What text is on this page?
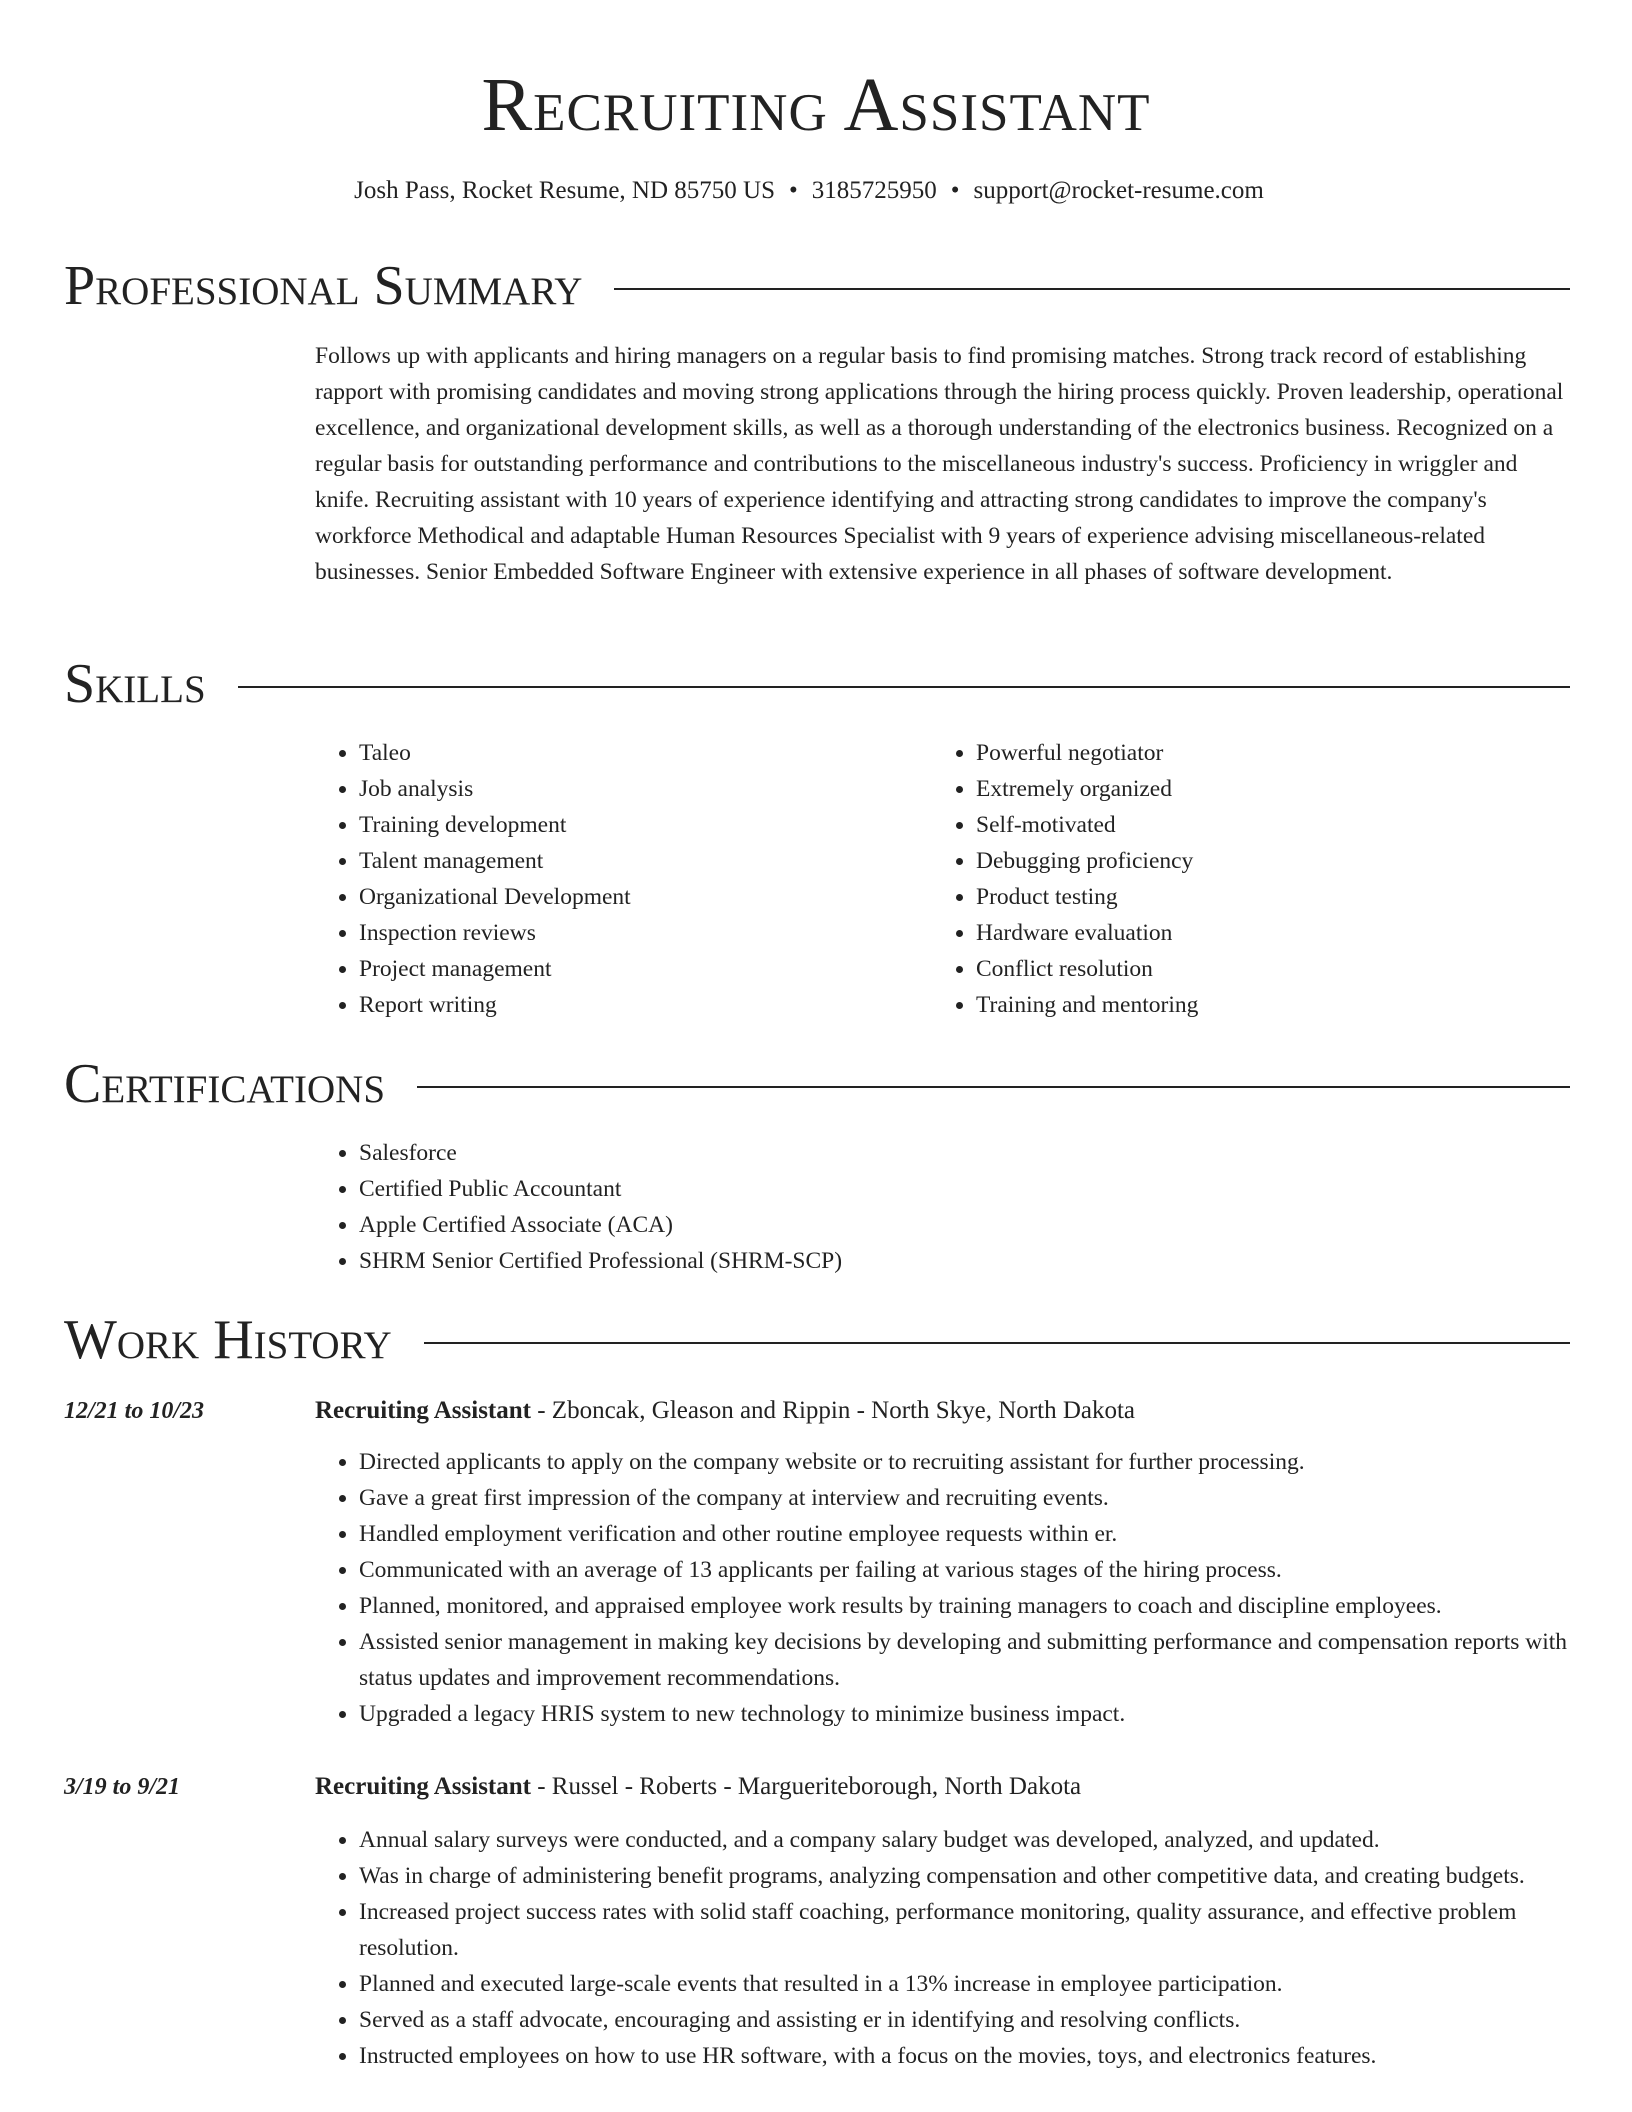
Recruiting Assistant
Josh Pass, Rocket Resume, ND 85750 US • 3185725950 • support@rocket-resume.com
Professional Summary

Follows up with applicants and hiring managers on a regular basis to find promising matches. Strong track record of establishing rapport with promising candidates and moving strong applications through the hiring process quickly. Proven leadership, operational excellence, and organizational development skills, as well as a thorough understanding of the electronics business. Recognized on a regular basis for outstanding performance and contributions to the miscellaneous industry's success. Proficiency in wriggler and knife. Recruiting assistant with 10 years of experience identifying and attracting strong candidates to improve the company's workforce Methodical and adaptable Human Resources Specialist with 9 years of experience advising miscellaneous-related businesses. Senior Embedded Software Engineer with extensive experience in all phases of software development.

Skills
• Taleo
• Job analysis
• Training development
• Talent management
• Organizational Development
• Inspection reviews
• Project management
• Report writing
• Powerful negotiator
• Extremely organized
• Self-motivated
• Debugging proficiency
• Product testing
• Hardware evaluation
• Conflict resolution
• Training and mentoring
Certifications
• Salesforce
• Certified Public Accountant
• Apple Certified Associate (ACA)
• SHRM Senior Certified Professional (SHRM-SCP)
Work History
12/21 to 10/23	Recruiting Assistant - Zboncak, Gleason and Rippin - North Skye, North Dakota
• Directed applicants to apply on the company website or to recruiting assistant for further processing.
• Gave a great first impression of the company at interview and recruiting events.
• Handled employment verification and other routine employee requests within er.
• Communicated with an average of 13 applicants per failing at various stages of the hiring process.
• Planned, monitored, and appraised employee work results by training managers to coach and discipline employees.
• Assisted senior management in making key decisions by developing and submitting performance and compensation reports with status updates and improvement recommendations.
• Upgraded a legacy HRIS system to new technology to minimize business impact.
3/19 to 9/21	Recruiting Assistant - Russel - Roberts - Margueriteborough, North Dakota
• Annual salary surveys were conducted, and a company salary budget was developed, analyzed, and updated.
• Was in charge of administering benefit programs, analyzing compensation and other competitive data, and creating budgets.
• Increased project success rates with solid staff coaching, performance monitoring, quality assurance, and effective problem resolution.
• Planned and executed large-scale events that resulted in a 13% increase in employee participation.
• Served as a staff advocate, encouraging and assisting er in identifying and resolving conflicts.
• Instructed employees on how to use HR software, with a focus on the movies, toys, and electronics features.
